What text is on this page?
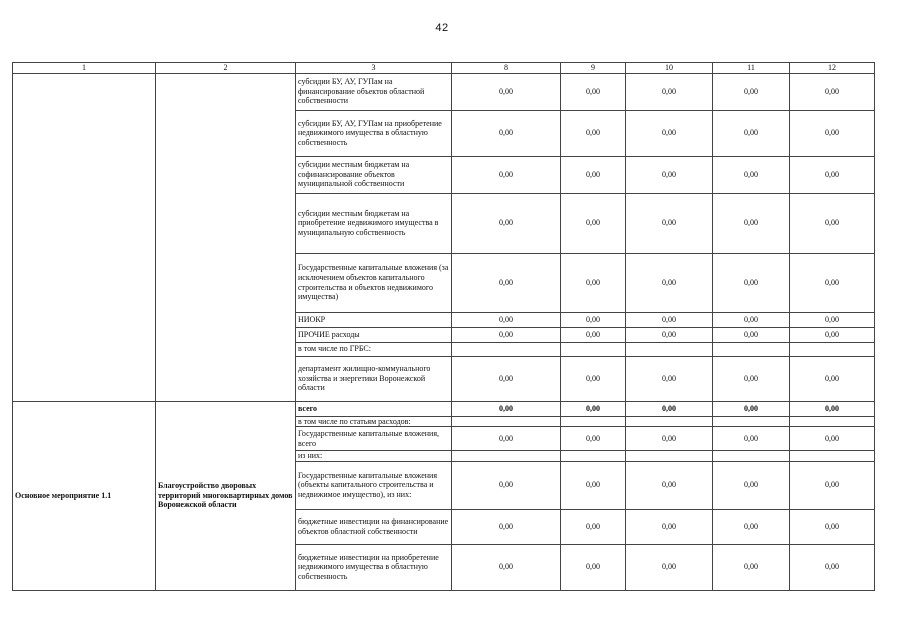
42
1	2	3	8	9	10	11	12
		субсидии БУ, АУ, ГУПам на финансирование объектов областной собственности	0,00	0,00	0,00	0,00	0,00
		субсидии БУ, АУ, ГУПам на приобретение недвижимого имущества в областную собственность	0,00	0,00	0,00	0,00	0,00
		субсидии местным бюджетам на софинансирование объектов муниципальной собственности	0,00	0,00	0,00	0,00	0,00
		субсидии местным бюджетам на приобретение недвижимого имущества в муниципальную собственность	0,00	0,00	0,00	0,00	0,00
		Государственные капитальные вложения (за исключением объектов капитального строительства и объектов недвижимого имущества)	0,00	0,00	0,00	0,00	0,00
		НИОКР	0,00	0,00	0,00	0,00	0,00
		ПРОЧИЕ расходы	0,00	0,00	0,00	0,00	0,00
		в том числе по ГРБС:					
		департамент жилищно-коммунального хозяйства и энергетики Воронежской области	0,00	0,00	0,00	0,00	0,00
Основное мероприятие 1.1	Благоустройство дворовых территорий многоквартирных домов Воронежской области	всего	0,00	0,00	0,00	0,00	0,00
		в том числе по статьям расходов:					
		Государственные капитальные вложения, всего	0,00	0,00	0,00	0,00	0,00
		из них:					
		Государственные капитальные вложения (объекты капитального строительства и недвижимое имущество), из них:	0,00	0,00	0,00	0,00	0,00
		бюджетные инвестиции на финансирование объектов областной собственности	0,00	0,00	0,00	0,00	0,00
		бюджетные инвестиции на приобретение недвижимого имущества в областную собственность	0,00	0,00	0,00	0,00	0,00
